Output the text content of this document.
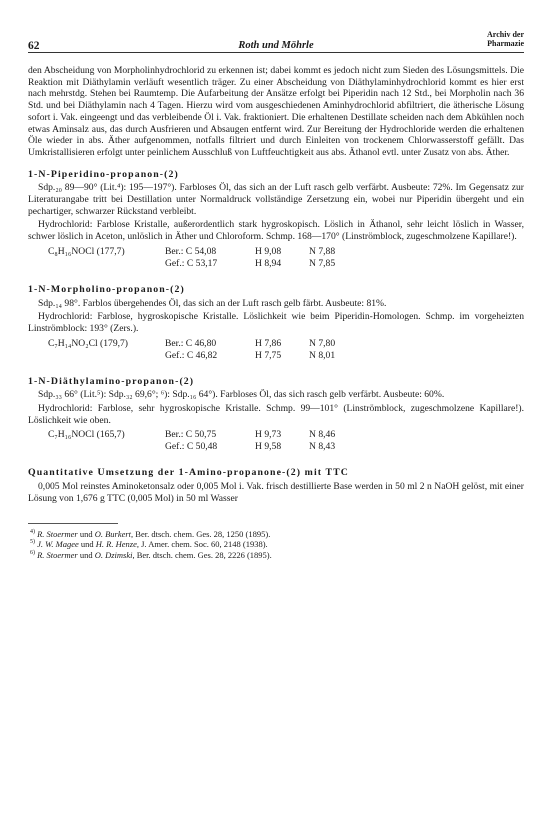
62	Roth und Möhrle
Archiv der
Pharmazie

den Abscheidung von Morpholinhydrochlorid zu erkennen ist; dabei kommt es jedoch nicht zum Sieden des Lösungsmittels. Die Reaktion mit Diäthylamin verläuft wesentlich träger. Zu einer Abscheidung von Diäthylaminhydrochlorid kommt es hier erst nach mehrstdg. Stehen bei Raumtemp. Die Aufarbeitung der Ansätze erfolgt bei Piperidin nach 12 Std., bei Morpholin nach 36 Std. und bei Diäthylamin nach 4 Tagen. Hierzu wird vom ausgeschiedenen Aminhydrochlorid abfiltriert, die ätherische Lösung sofort i. Vak. eingeengt und das verbleibende Öl i. Vak. fraktioniert. Die erhaltenen Destillate scheiden nach dem Abkühlen noch etwas Aminsalz aus, das durch Ausfrieren und Absaugen entfernt wird. Zur Bereitung der Hydrochloride werden die erhaltenen Öle wieder in abs. Äther aufgenommen, notfalls filtriert und durch Einleiten von trockenem Chlorwasserstoff gefällt. Das Umkristallisieren erfolgt unter peinlichem Ausschluß von Luftfeuchtigkeit aus abs. Äthanol evtl. unter Zusatz von abs. Äther.

1-N-Piperidino-propanon-(2)

Sdp.₂₀ 89—90° (Lit.⁴): 195—197°). Farbloses Öl, das sich an der Luft rasch gelb verfärbt. Ausbeute: 72%. Im Gegensatz zur Literaturangabe tritt bei Destillation unter Normaldruck vollständige Zersetzung ein, wobei nur Piperidin übergeht und ein pechartiger, schwarzer Rückstand verbleibt.

Hydrochlorid: Farblose Kristalle, außerordentlich stark hygroskopisch. Löslich in Äthanol, sehr leicht löslich in Wasser, schwer löslich in Aceton, unlöslich in Äther und Chloroform. Schmp. 168—170° (Linströmblock, zugeschmolzene Kapillare!).

C₈H₁₆NOCl (177,7)	Ber.: C 54,08	H 9,08	N 7,88
Gef.: C 53,17	H 8,94	N 7,85
1-N-Morpholino-propanon-(2)

Sdp.₁₄ 98°. Farblos übergehendes Öl, das sich an der Luft rasch gelb färbt. Ausbeute: 81%.

Hydrochlorid: Farblose, hygroskopische Kristalle. Löslichkeit wie beim Piperidin-Homologen. Schmp. im vorgeheizten Linströmblock: 193° (Zers.).

C₇H₁₄NO₂Cl (179,7)	Ber.: C 46,80	H 7,86	N 7,80
Gef.: C 46,82	H 7,75	N 8,01
1-N-Diäthylamino-propanon-(2)

Sdp.₃₃ 66° (Lit.⁵): Sdp.₃₂ 69,6°; ⁶): Sdp.₁₆ 64°). Farbloses Öl, das sich rasch gelb verfärbt. Ausbeute: 60%.

Hydrochlorid: Farblose, sehr hygroskopische Kristalle. Schmp. 99—101° (Linströmblock, zugeschmolzene Kapillare!). Löslichkeit wie oben.

C₇H₁₆NOCl (165,7)	Ber.: C 50,75	H 9,73	N 8,46
Gef.: C 50,48	H 9,58	N 8,43
Quantitative Umsetzung der 1-Amino-propanone-(2) mit TTC

0,005 Mol reinstes Aminoketonsalz oder 0,005 Mol i. Vak. frisch destillierte Base werden in 50 ml 2 n NaOH gelöst, mit einer Lösung von 1,676 g TTC (0,005 Mol) in 50 ml Wasser

$^{4)}$ R. Stoermer und O. Burkert, Ber. dtsch. chem. Ges. 28, 1250 (1895).
$^{5)}$ J. W. Magee und H. R. Henze, J. Amer. chem. Soc. 60, 2148 (1938).
$^{6)}$ R. Stoermer und O. Dzimski, Ber. dtsch. chem. Ges. 28, 2226 (1895).
